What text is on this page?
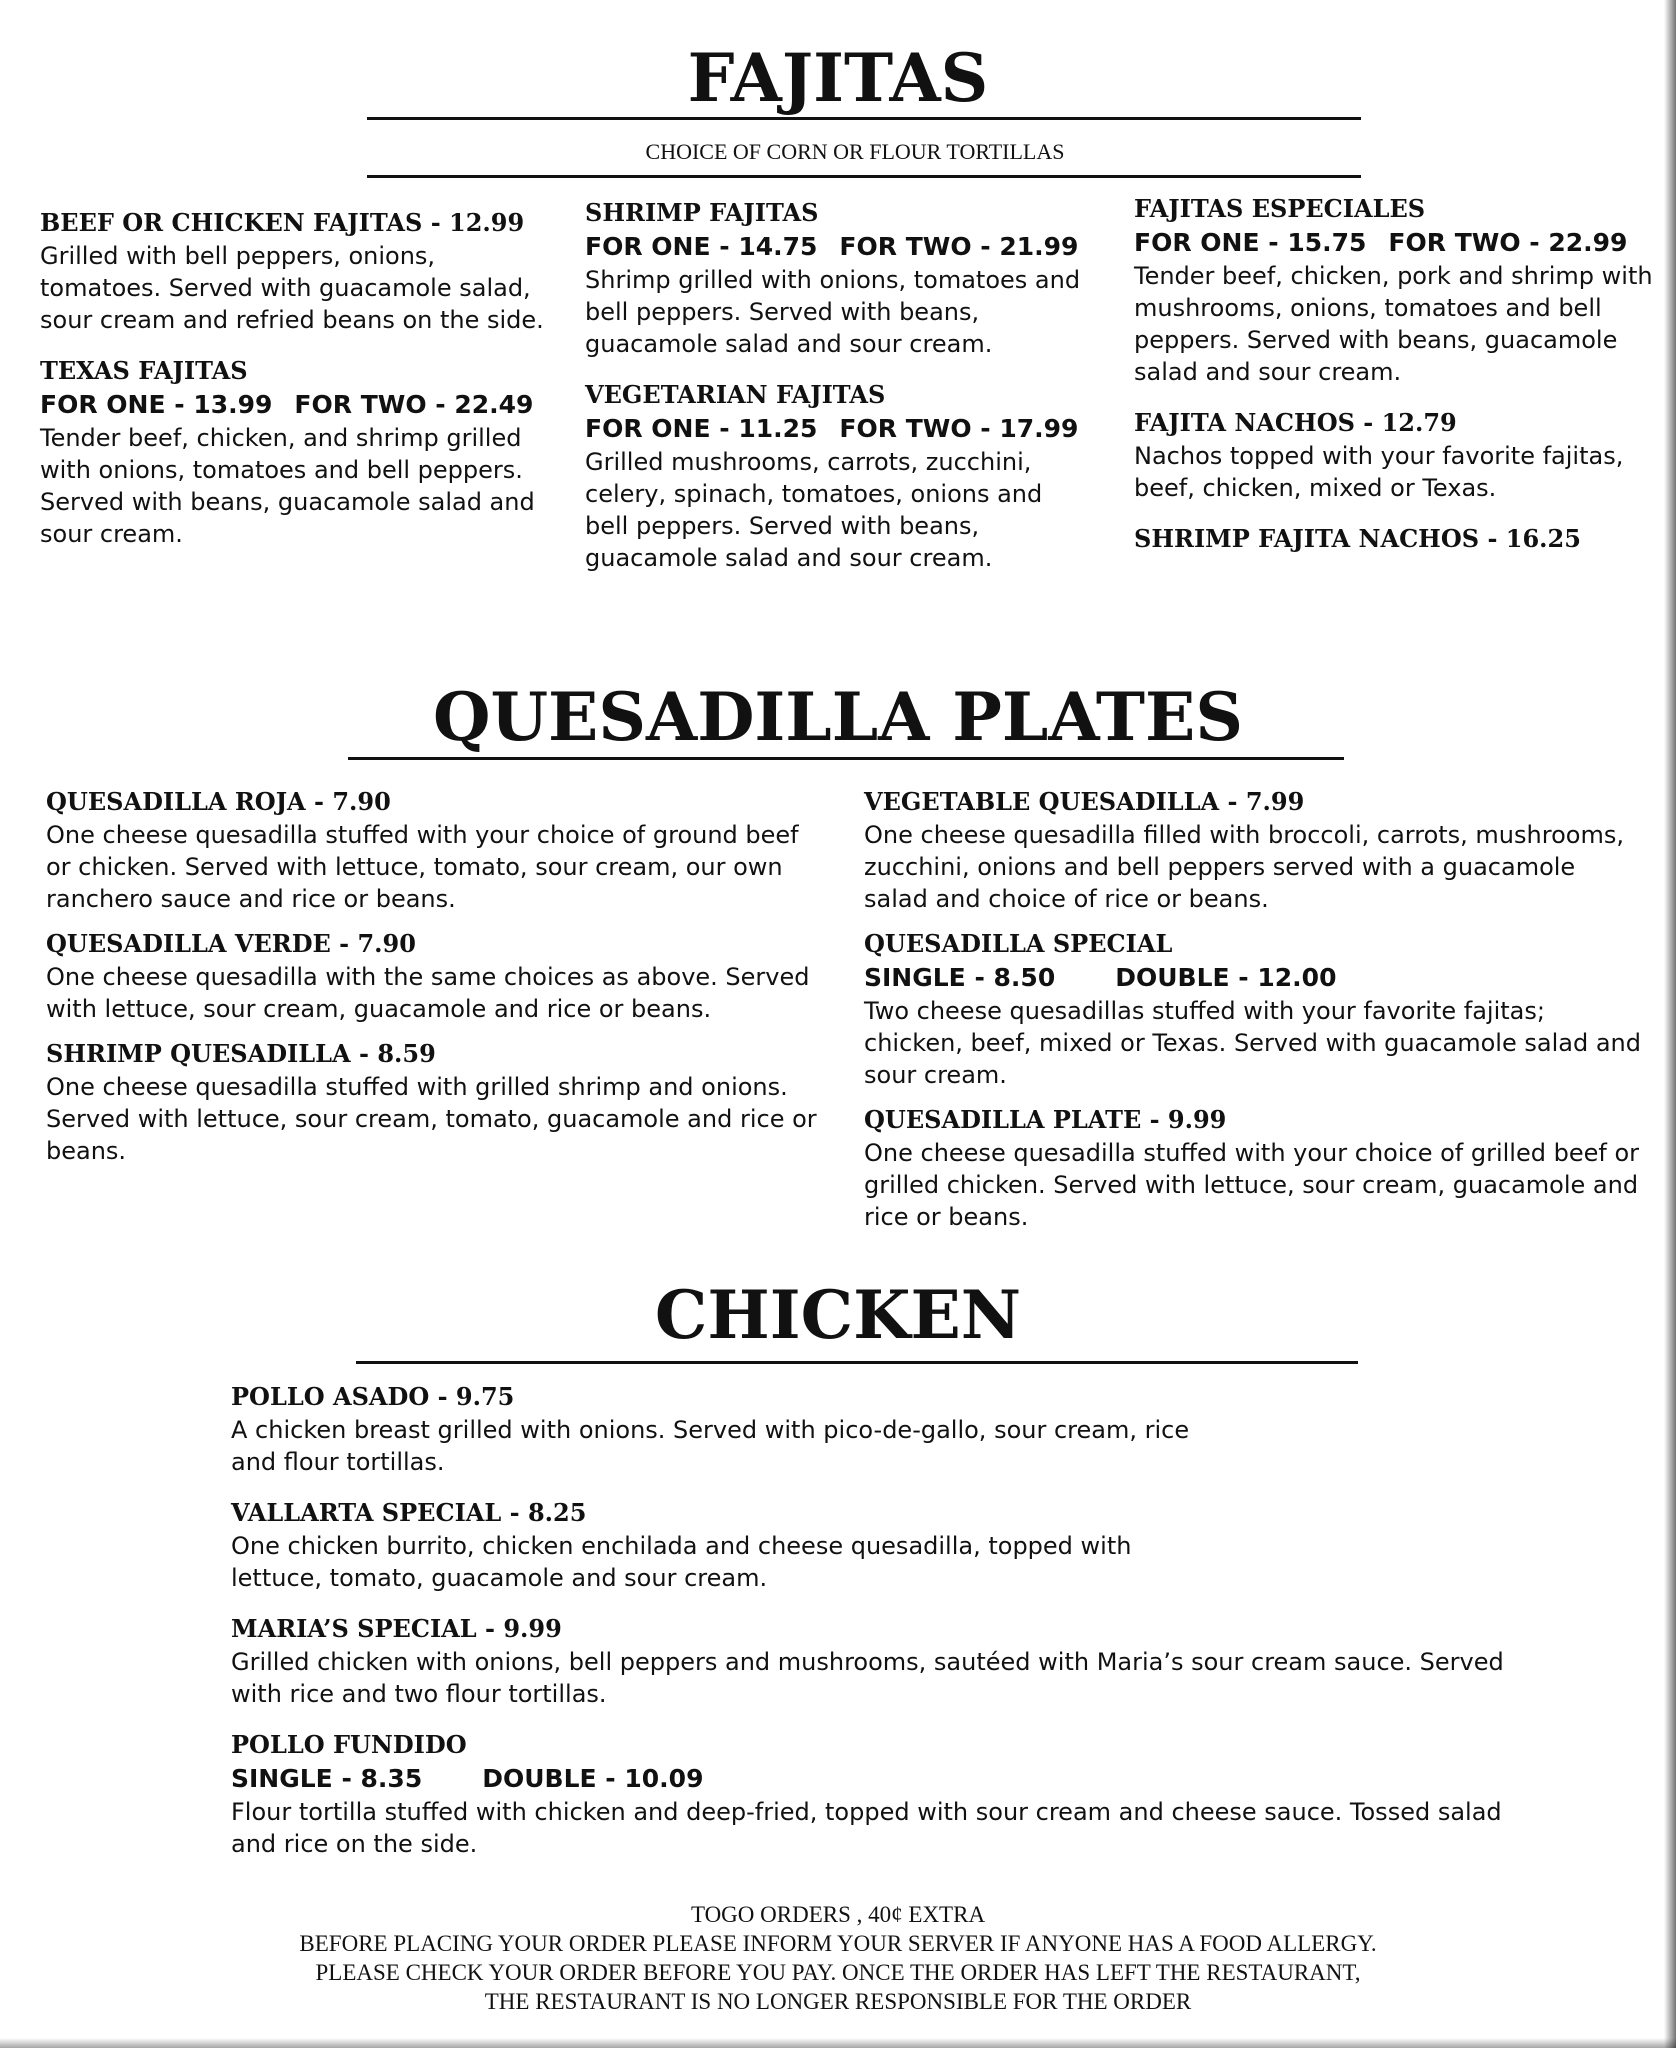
FAJITAS
CHOICE OF CORN OR FLOUR TORTILLAS
BEEF OR CHICKEN FAJITAS - 12.99
Grilled with bell peppers, onions, tomatoes. Served with guacamole salad, sour cream and refried beans on the side.
TEXAS FAJITAS
FOR ONE - 13.99 FOR TWO - 22.49
Tender beef, chicken, and shrimp grilled with onions, tomatoes and bell peppers. Served with beans, guacamole salad and sour cream.
SHRIMP FAJITAS
FOR ONE - 14.75 FOR TWO - 21.99
Shrimp grilled with onions, tomatoes and bell peppers. Served with beans, guacamole salad and sour cream.
VEGETARIAN FAJITAS
FOR ONE - 11.25 FOR TWO - 17.99
Grilled mushrooms, carrots, zucchini, celery, spinach, tomatoes, onions and bell peppers. Served with beans, guacamole salad and sour cream.
FAJITAS ESPECIALES
FOR ONE - 15.75 FOR TWO - 22.99
Tender beef, chicken, pork and shrimp with mushrooms, onions, tomatoes and bell peppers. Served with beans, guacamole salad and sour cream.
FAJITA NACHOS - 12.79
Nachos topped with your favorite fajitas, beef, chicken, mixed or Texas.
SHRIMP FAJITA NACHOS - 16.25
QUESADILLA PLATES
QUESADILLA ROJA - 7.90
One cheese quesadilla stuffed with your choice of ground beef or chicken. Served with lettuce, tomato, sour cream, our own ranchero sauce and rice or beans.
QUESADILLA VERDE - 7.90
One cheese quesadilla with the same choices as above. Served with lettuce, sour cream, guacamole and rice or beans.
SHRIMP QUESADILLA - 8.59
One cheese quesadilla stuffed with grilled shrimp and onions. Served with lettuce, sour cream, tomato, guacamole and rice or beans.
VEGETABLE QUESADILLA - 7.99
One cheese quesadilla filled with broccoli, carrots, mushrooms, zucchini, onions and bell peppers served with a guacamole salad and choice of rice or beans.
QUESADILLA SPECIAL
SINGLE - 8.50 DOUBLE - 12.00
Two cheese quesadillas stuffed with your favorite fajitas; chicken, beef, mixed or Texas. Served with guacamole salad and sour cream.
QUESADILLA PLATE - 9.99
One cheese quesadilla stuffed with your choice of grilled beef or grilled chicken. Served with lettuce, sour cream, guacamole and rice or beans.
CHICKEN
POLLO ASADO - 9.75
A chicken breast grilled with onions. Served with pico-de-gallo, sour cream, rice and flour tortillas.
VALLARTA SPECIAL - 8.25
One chicken burrito, chicken enchilada and cheese quesadilla, topped with lettuce, tomato, guacamole and sour cream.
MARIA’S SPECIAL - 9.99
Grilled chicken with onions, bell peppers and mushrooms, sautéed with Maria’s sour cream sauce. Served with rice and two flour tortillas.
POLLO FUNDIDO
SINGLE - 8.35 DOUBLE - 10.09
Flour tortilla stuffed with chicken and deep-fried, topped with sour cream and cheese sauce. Tossed salad and rice on the side.
TOGO ORDERS , 40¢ EXTRA
BEFORE PLACING YOUR ORDER PLEASE INFORM YOUR SERVER IF ANYONE HAS A FOOD ALLERGY.
PLEASE CHECK YOUR ORDER BEFORE YOU PAY. ONCE THE ORDER HAS LEFT THE RESTAURANT,
THE RESTAURANT IS NO LONGER RESPONSIBLE FOR THE ORDER
